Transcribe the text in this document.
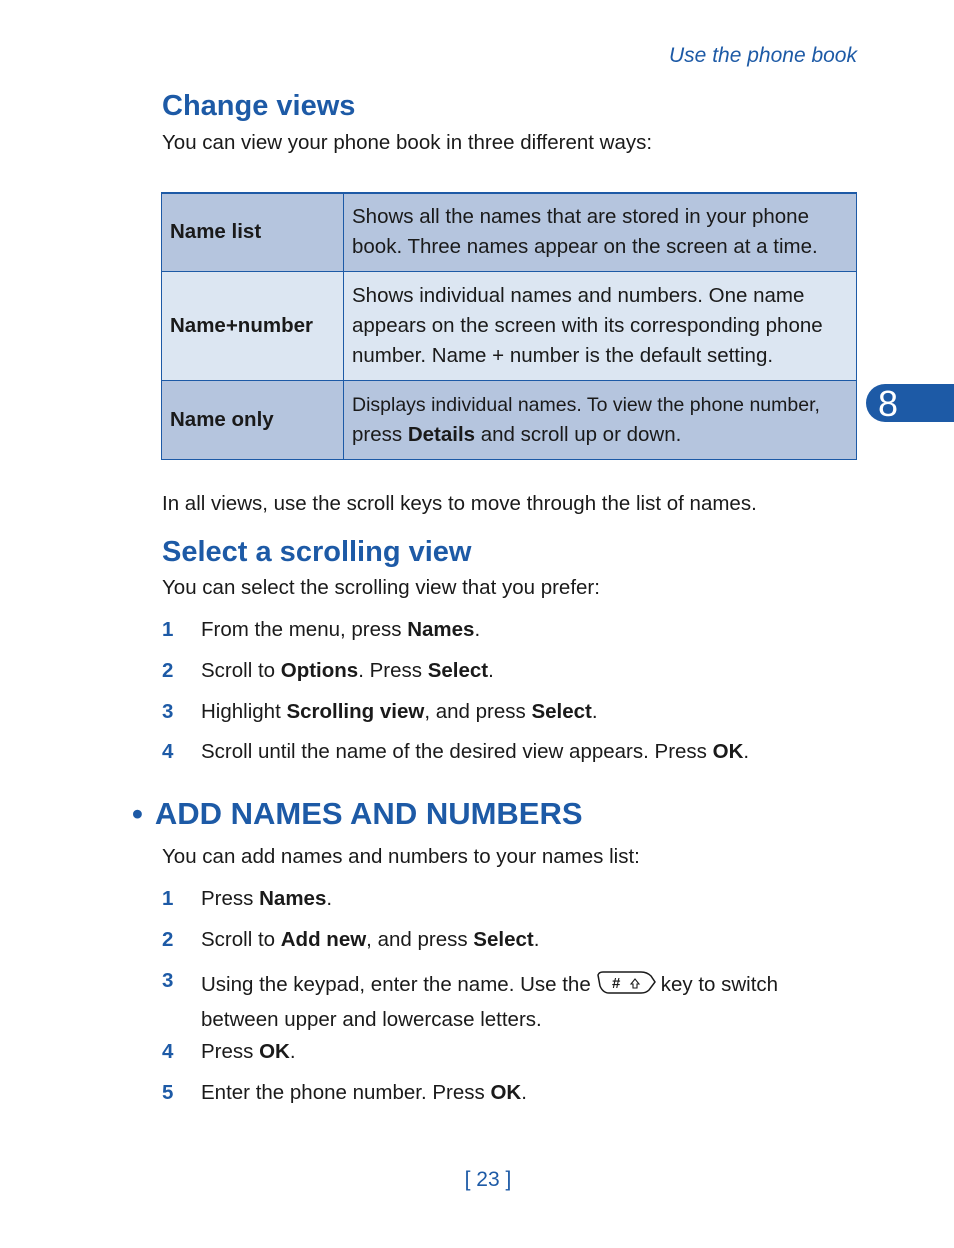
Use the phone book
8
Change views
You can view your phone book in three different ways:
Name list	Shows all the names that are stored in your phone
book. Three names appear on the screen at a time.

Name+number	Shows individual names and numbers. One name
appears on the screen with its corresponding phone
number. Name + number is the default setting.

Name only	Displays individual names. To view the phone number,
press Details and scroll up or down.
In all views, use the scroll keys to move through the list of names.
Select a scrolling view
You can select the scrolling view that you prefer:
1	From the menu, press Names.
2	Scroll to Options. Press Select.
3	Highlight Scrolling view, and press Select.
4	Scroll until the name of the desired view appears. Press OK.
• ADD NAMES AND NUMBERS
You can add names and numbers to your names list:
1	Press Names.
2	Scroll to Add new, and press Select.
3	Using the keypad, enter the name. Use the # key to switch
between upper and lowercase letters.
4	Press OK.
5	Enter the phone number. Press OK.
[ 23 ]
